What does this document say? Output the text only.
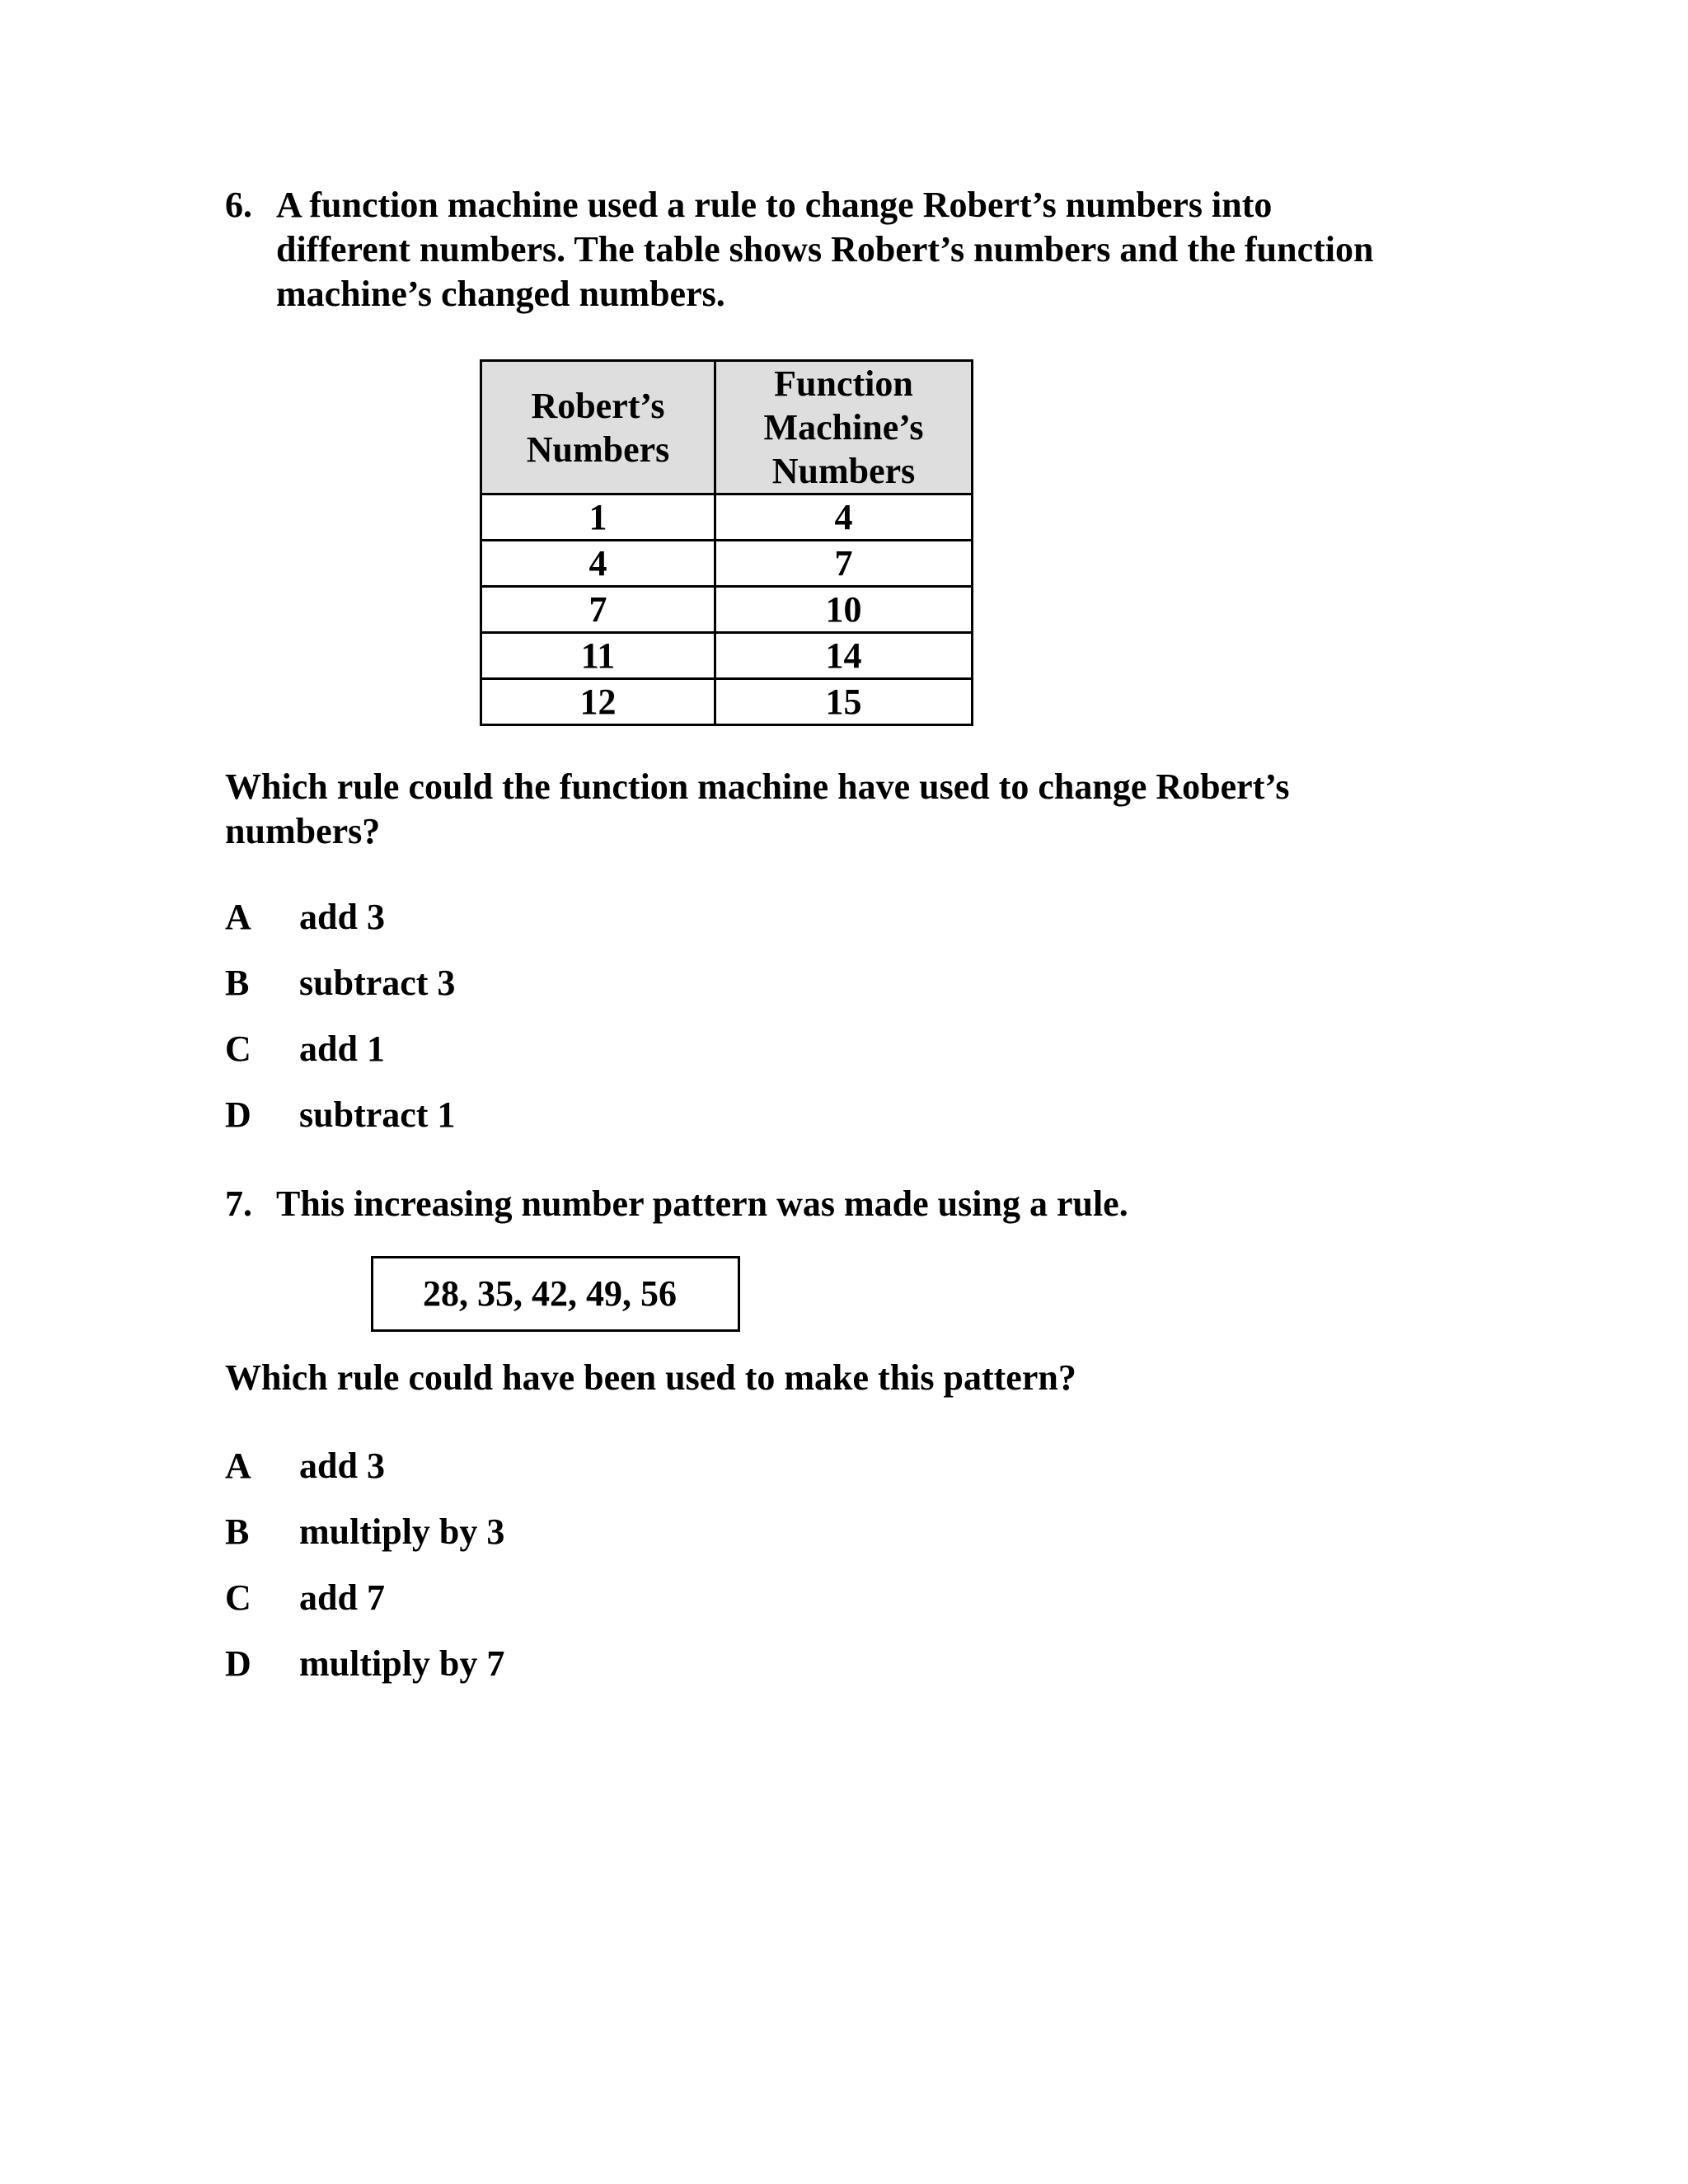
6. A function machine used a rule to change Robert’s numbers into
different numbers. The table shows Robert’s numbers and the function
machine’s changed numbers.
Robert’s
Numbers	Function
Machine’s
Numbers

1	4
4	7
7	10
11	14
12	15
Which rule could the function machine have used to change Robert’s
numbers?
A add 3
B subtract 3
C add 1
D subtract 1
7. This increasing number pattern was made using a rule.
28, 35, 42, 49, 56
Which rule could have been used to make this pattern?
A add 3
B multiply by 3
C add 7
D multiply by 7
